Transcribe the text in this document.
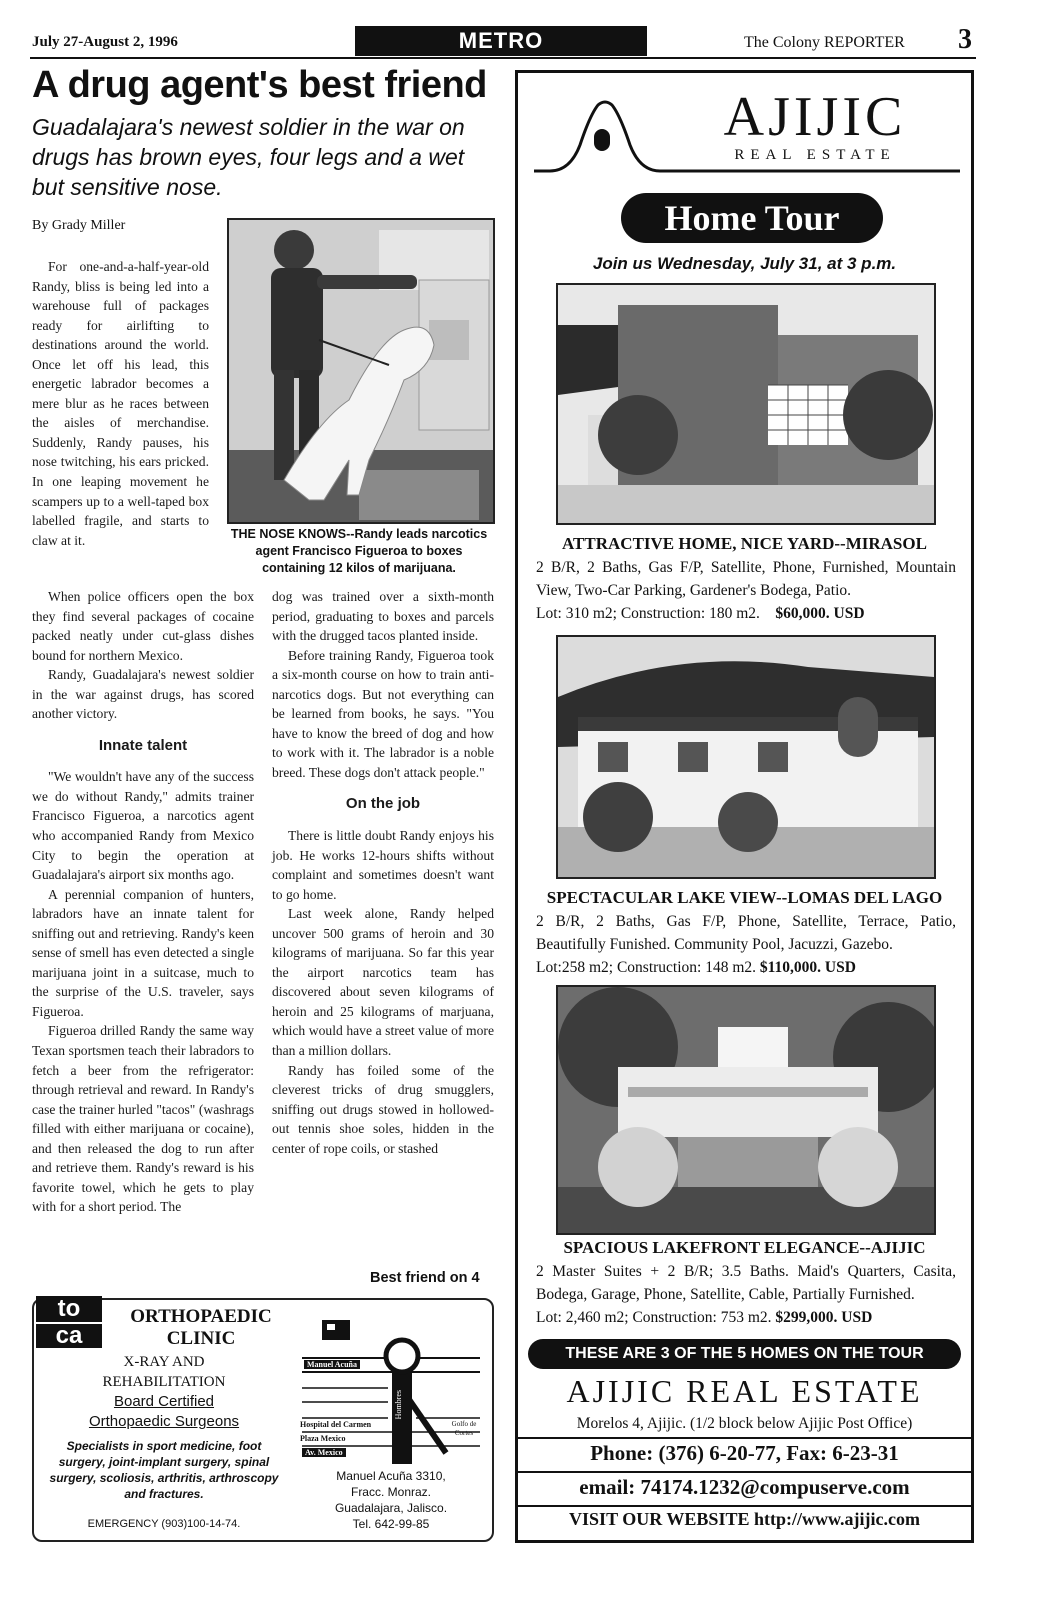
July 27-August 2, 1996	METRO	The Colony REPORTER 3
A drug agent's best friend
Guadalajara's newest soldier in the war on drugs has brown eyes, four legs and a wet but sensitive nose.
By Grady Miller
THE NOSE KNOWS--Randy leads narcotics agent Francisco Figueroa to boxes containing 12 kilos of marijuana.

For one-and-a-half-year-old Randy, bliss is being led into a warehouse full of packages ready for airlifting to destinations around the world. Once let off his lead, this energetic labrador becomes a mere blur as he races between the aisles of merchandise. Suddenly, Randy pauses, his nose twitching, his ears pricked. In one leaping movement he scampers up to a well-taped box labelled fragile, and starts to claw at it.

When police officers open the box they find several packages of cocaine packed neatly under cut-glass dishes bound for northern Mexico.

Randy, Guadalajara's newest soldier in the war against drugs, has scored another victory.

Innate talent

"We wouldn't have any of the success we do without Randy," admits trainer Francisco Figueroa, a narcotics agent who accompanied Randy from Mexico City to begin the operation at Guadalajara's airport six months ago.

A perennial companion of hunters, labradors have an innate talent for sniffing out and retrieving. Randy's keen sense of smell has even detected a single marijuana joint in a suitcase, much to the surprise of the U.S. traveler, says Figueroa.

Figueroa drilled Randy the same way Texan sportsmen teach their labradors to fetch a beer from the refrigerator: through retrieval and reward. In Randy's case the trainer hurled "tacos" (washrags filled with either marijuana or cocaine), and then released the dog to run after and retrieve them. Randy's reward is his favorite towel, which he gets to play with for a short period. The

dog was trained over a sixth-month period, graduating to boxes and parcels with the drugged tacos planted inside.

Before training Randy, Figueroa took a six-month course on how to train anti-narcotics dogs. But not everything can be learned from books, he says. "You have to know the breed of dog and how to work with it. The labrador is a noble breed. These dogs don't attack people."

On the job

There is little doubt Randy enjoys his job. He works 12-hours shifts without complaint and sometimes doesn't want to go home.

Last week alone, Randy helped uncover 500 grams of heroin and 30 kilograms of marijuana. So far this year the airport narcotics team has discovered about seven kilograms of heroin and 25 kilograms of marjuana, which would have a street value of more than a million dollars.

Randy has foiled some of the cleverest tricks of drug smugglers, sniffing out drugs stowed in hollowed-out tennis shoe soles, hidden in the center of rope coils, or stashed

Best friend on 4
to
ca
ORTHOPAEDIC CLINIC
X-RAY AND
REHABILITATION
Board Certified
Orthopaedic Surgeons
Specialists in sport medicine, foot surgery, joint-implant surgery, spinal surgery, scoliosis, arthritis, arthroscopy and fractures.
EMERGENCY (903)100-14-74.
Manuel Acuña
Hombres
Hospital del Carmen	Golfo de Cortes
Plaza Mexico
Av. Mexico
Manuel Acuña 3310,
Fracc. Monraz.
Guadalajara, Jalisco.
Tel. 642-99-85
AJIJIC
REAL ESTATE
Home Tour
Join us Wednesday, July 31, at 3 p.m.
ATTRACTIVE HOME, NICE YARD--MIRASOL
2 B/R, 2 Baths, Gas F/P, Satellite, Phone, Furnished, Mountain View, Two-Car Parking, Gardener's Bodega, Patio.
Lot: 310 m2; Construction: 180 m2. $60,000. USD
SPECTACULAR LAKE VIEW--LOMAS DEL LAGO
2 B/R, 2 Baths, Gas F/P, Phone, Satellite, Terrace, Patio, Beautifully Funished. Community Pool, Jacuzzi, Gazebo.
Lot:258 m2; Construction: 148 m2. $110,000. USD
SPACIOUS LAKEFRONT ELEGANCE--AJIJIC
2 Master Suites + 2 B/R; 3.5 Baths. Maid's Quarters, Casita, Bodega, Garage, Phone, Satellite, Cable, Partially Furnished.
Lot: 2,460 m2; Construction: 753 m2. $299,000. USD
THESE ARE 3 OF THE 5 HOMES ON THE TOUR
AJIJIC REAL ESTATE
Morelos 4, Ajijic. (1/2 block below Ajijic Post Office)
Phone: (376) 6-20-77, Fax: 6-23-31
email: 74174.1232@compuserve.com
VISIT OUR WEBSITE http://www.ajijic.com
